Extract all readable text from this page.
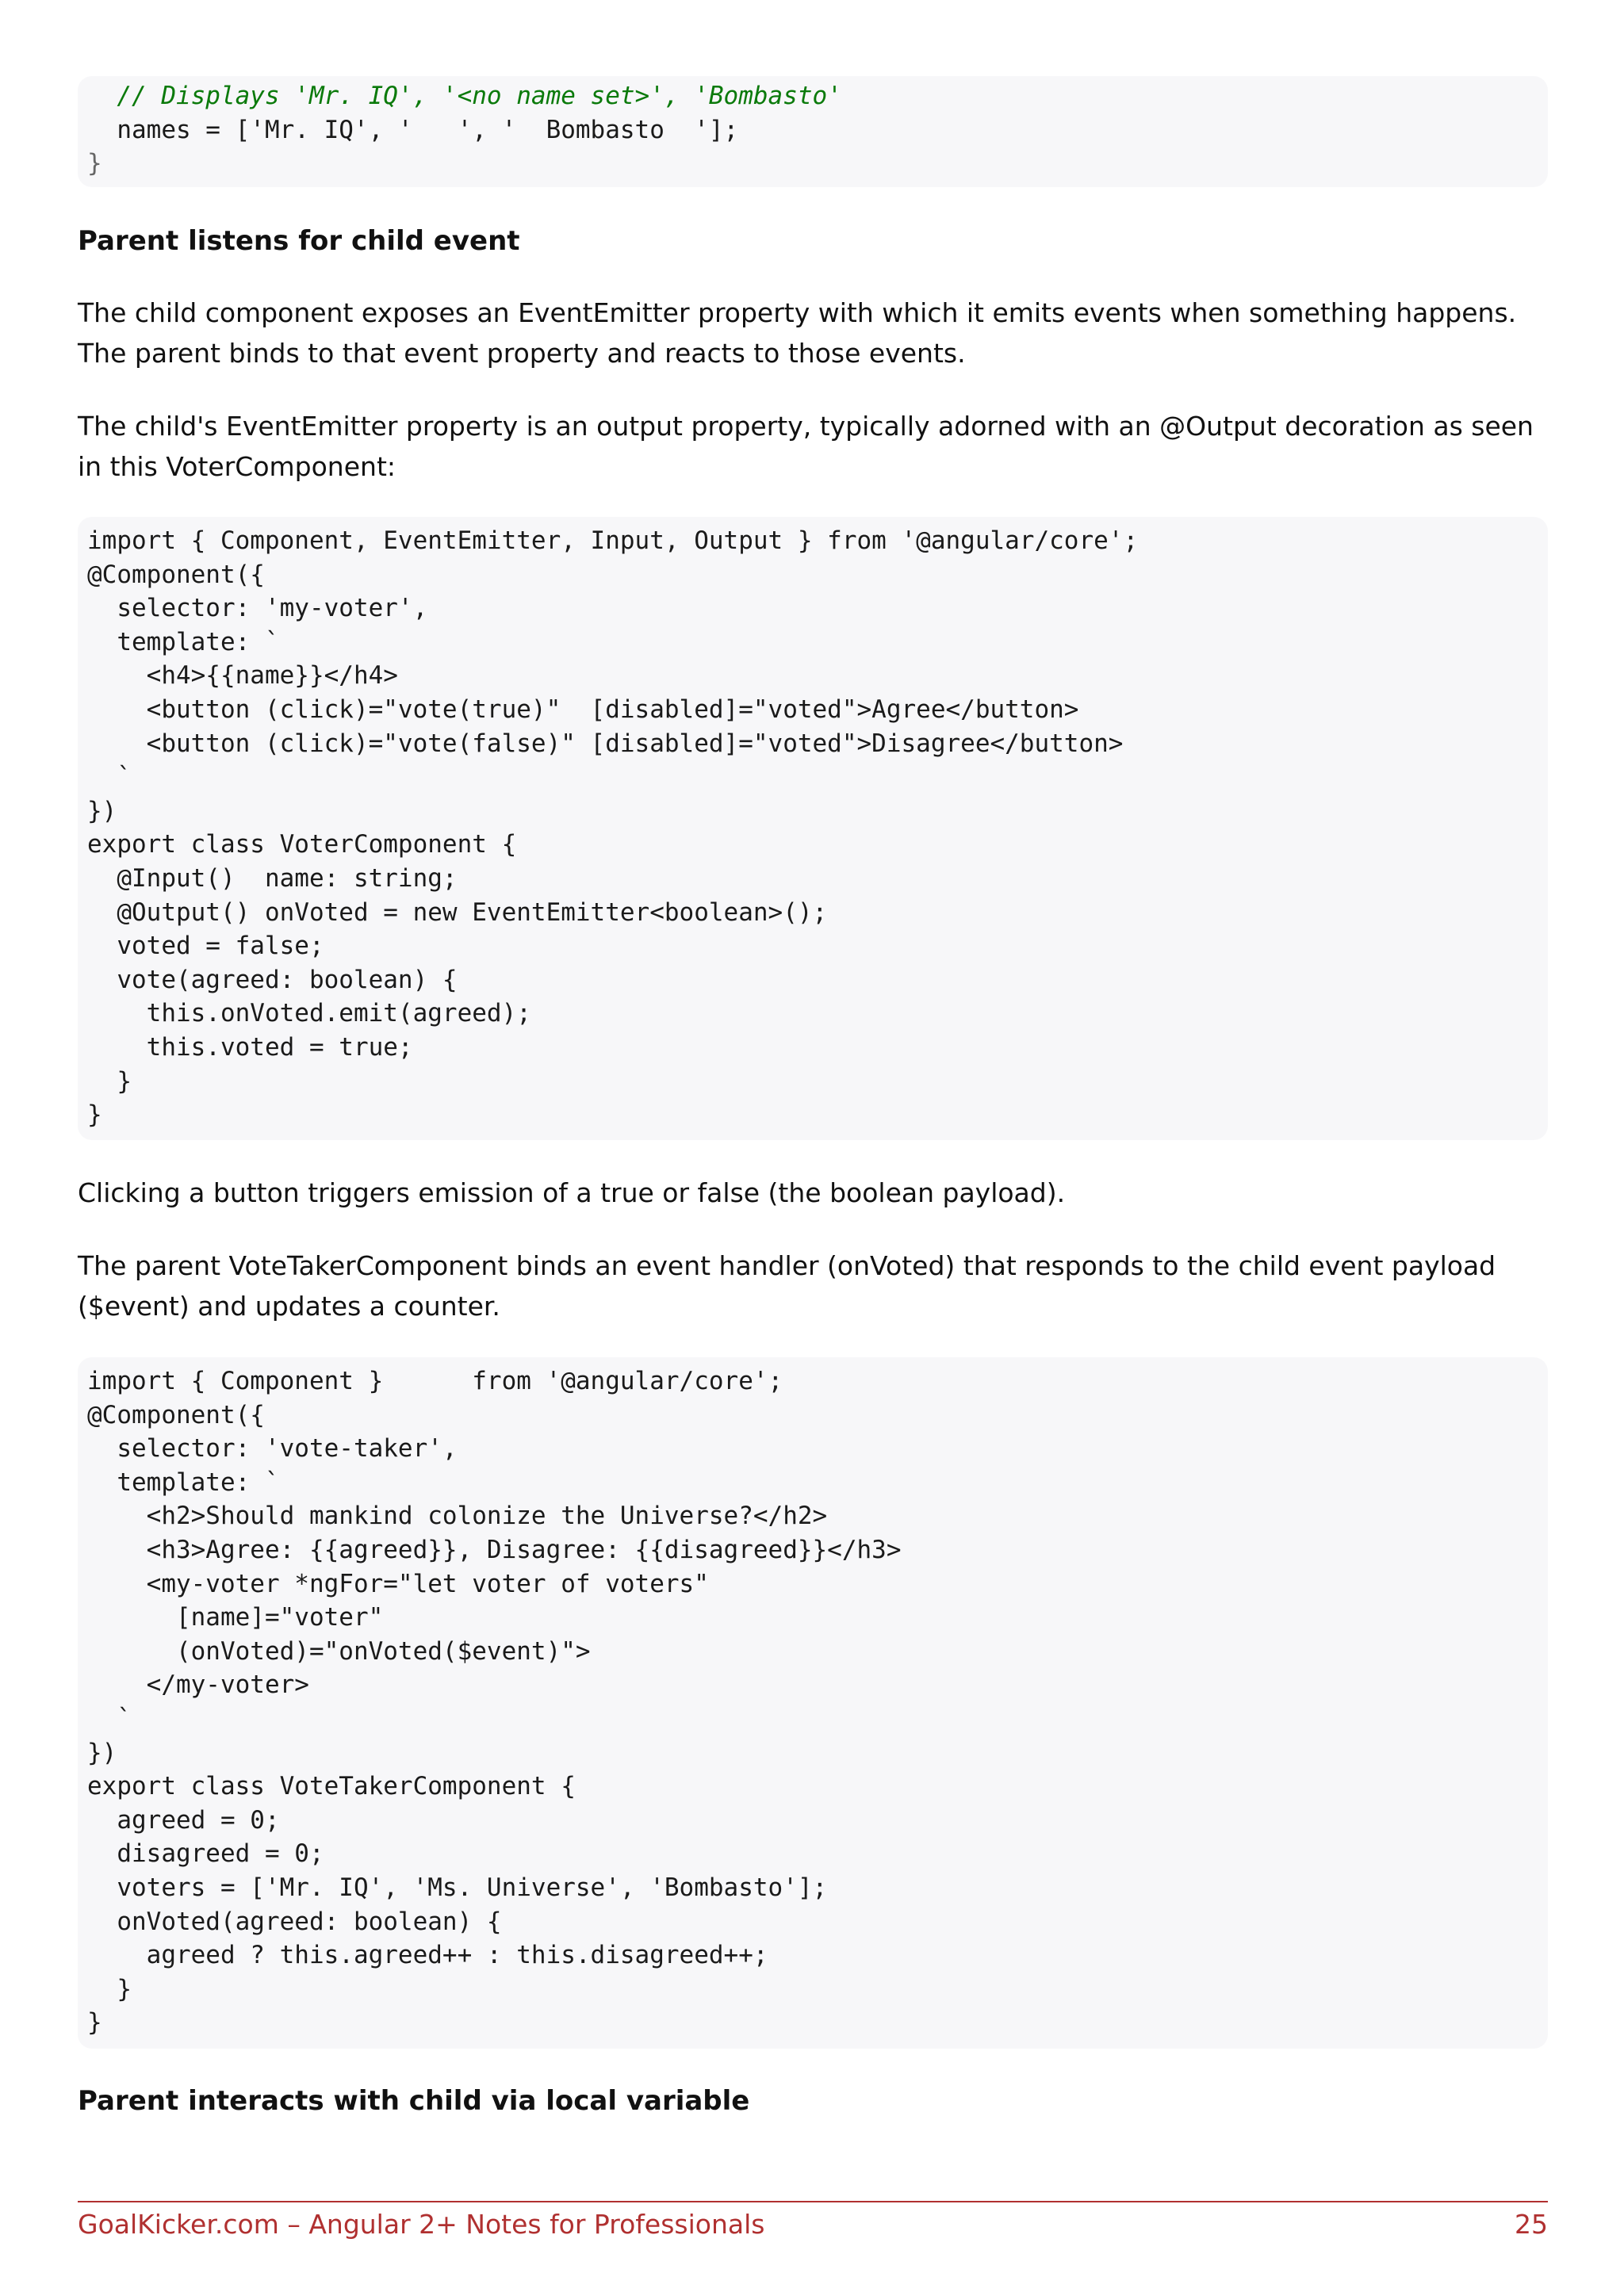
// Displays 'Mr. IQ', '<no name set>', 'Bombasto'
names = ['Mr. IQ', '   ', '  Bombasto  '];
}
Parent listens for child event

The child component exposes an EventEmitter property with which it emits events when something happens. The parent binds to that event property and reacts to those events.

The child's EventEmitter property is an output property, typically adorned with an @Output decoration as seen in this VoterComponent:

import { Component, EventEmitter, Input, Output } from '@angular/core';
@Component({
selector: 'my-voter',
template: `
<h4>{{name}}</h4>
<button (click)="vote(true)"  [disabled]="voted">Agree</button>
<button (click)="vote(false)" [disabled]="voted">Disagree</button>
`
})
export class VoterComponent {
@Input()  name: string;
@Output() onVoted = new EventEmitter<boolean>();
voted = false;
vote(agreed: boolean) {
this.onVoted.emit(agreed);
this.voted = true;
}
}

Clicking a button triggers emission of a true or false (the boolean payload).

The parent VoteTakerComponent binds an event handler (onVoted) that responds to the child event payload ($event) and updates a counter.

import { Component }      from '@angular/core';
@Component({
selector: 'vote-taker',
template: `
<h2>Should mankind colonize the Universe?</h2>
<h3>Agree: {{agreed}}, Disagree: {{disagreed}}</h3>
<my-voter *ngFor="let voter of voters"
[name]="voter"
(onVoted)="onVoted($event)">
</my-voter>
`
})
export class VoteTakerComponent {
agreed = 0;
disagreed = 0;
voters = ['Mr. IQ', 'Ms. Universe', 'Bombasto'];
onVoted(agreed: boolean) {
agreed ? this.agreed++ : this.disagreed++;
}
}
Parent interacts with child via local variable
GoalKicker.com – Angular 2+ Notes for Professionals	25
